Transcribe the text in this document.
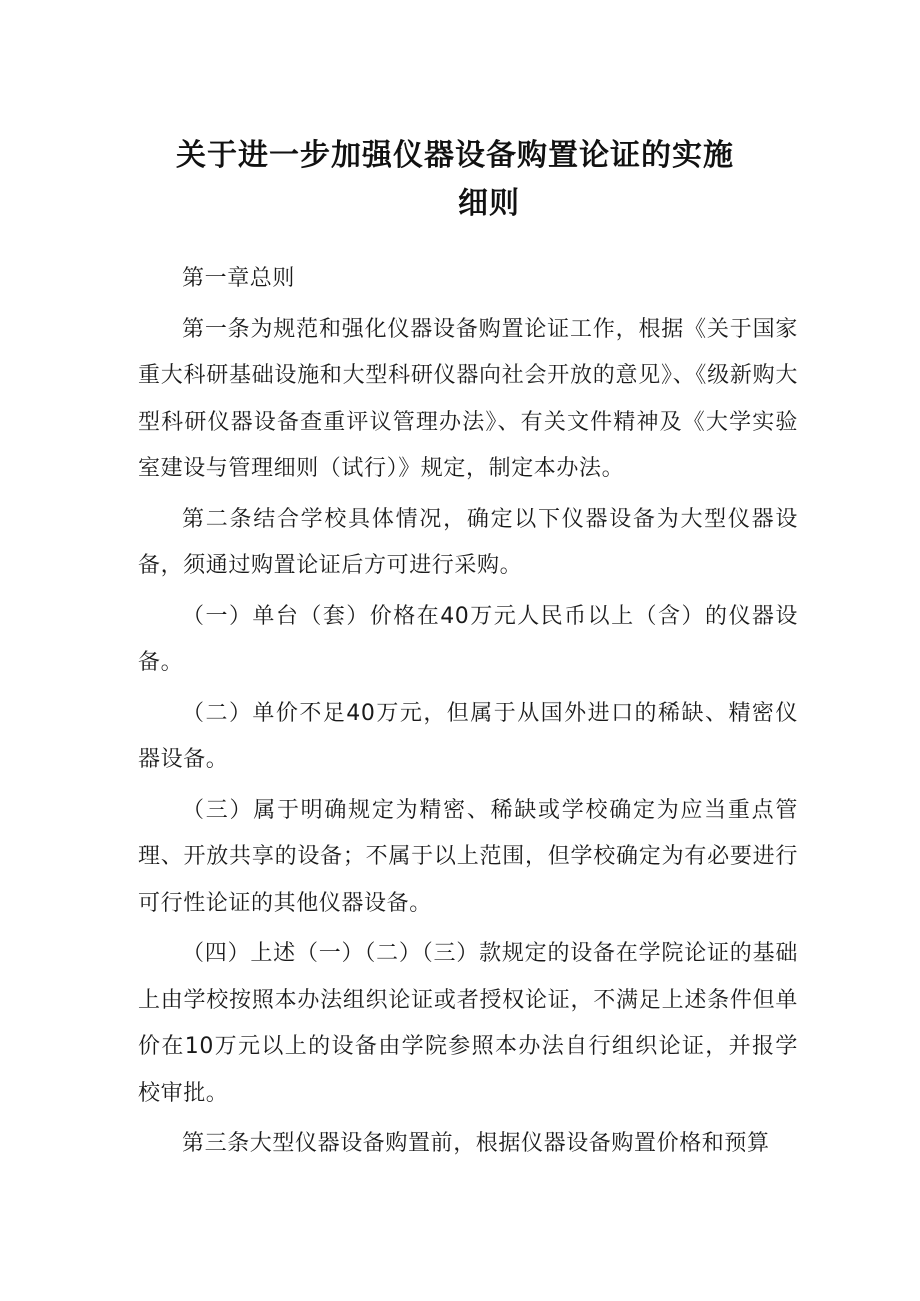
关于进一步加强仪器设备购置论证的实施
细则

第一章总则

第一条为规范和强化仪器设备购置论证工作，根据《关于国家重大科研基础设施和大型科研仪器向社会开放的意见》、《级新购大型科研仪器设备查重评议管理办法》、有关文件精神及《大学实验室建设与管理细则（试行）》规定，制定本办法。

第二条结合学校具体情况，确定以下仪器设备为大型仪器设备，须通过购置论证后方可进行采购。

（一）单台（套）价格在40万元人民币以上（含）的仪器设备。

（二）单价不足40万元，但属于从国外进口的稀缺、精密仪器设备。

（三）属于明确规定为精密、稀缺或学校确定为应当重点管理、开放共享的设备；不属于以上范围，但学校确定为有必要进行可行性论证的其他仪器设备。

（四）上述（一）（二）（三）款规定的设备在学院论证的基础上由学校按照本办法组织论证或者授权论证，不满足上述条件但单价在10万元以上的设备由学院参照本办法自行组织论证，并报学校审批。

第三条大型仪器设备购置前，根据仪器设备购置价格和预算
